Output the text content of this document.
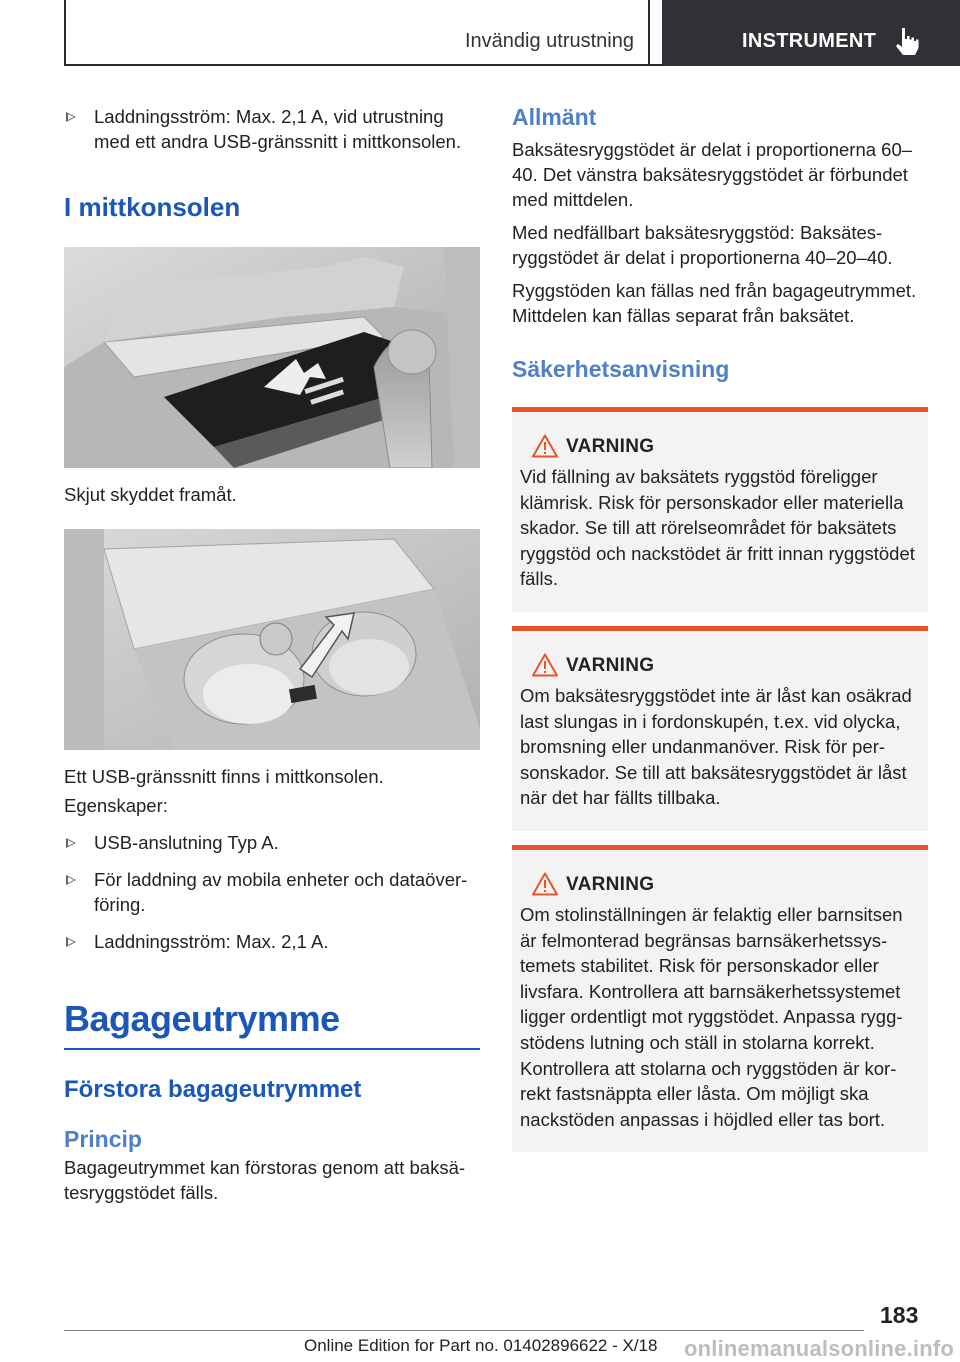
Invändig utrustning	INSTRUMENT
Laddningsström: Max. 2,1 A, vid utrustning med ett andra USB-gränssnitt i mittkonsolen.
I mittkonsolen
Skjut skyddet framåt.
Ett USB-gränssnitt finns i mittkonsolen.
Egenskaper:
USB-anslutning Typ A.
För laddning av mobila enheter och dataöverföring.
Laddningsström: Max. 2,1 A.
Bagageutrymme
Förstora bagageutrymmet
Princip
Bagageutrymmet kan förstoras genom att baksätesryggstödet fälls.
Allmänt
Baksätesryggstödet är delat i proportionerna 60–40. Det vänstra baksätesryggstödet är förbundet med mittdelen.
Med nedfällbart baksätesryggstöd: Baksätesryggstödet är delat i proportionerna 40–20–40.
Ryggstöden kan fällas ned från bagageutrymmet. Mittdelen kan fällas separat från baksätet.
Säkerhetsanvisning
VARNING
Vid fällning av baksätets ryggstöd föreligger klämrisk. Risk för personskador eller materiella skador. Se till att rörelseområdet för baksätets ryggstöd och nackstödet är fritt innan ryggstödet fälls.
VARNING
Om baksätesryggstödet inte är låst kan osäkrad last slungas in i fordonskupén, t.ex. vid olycka, bromsning eller undanmanöver. Risk för personskador. Se till att baksätesryggstödet är låst när det har fällts tillbaka.
VARNING
Om stolinställningen är felaktig eller barnsitsen är felmonterad begränsas barnsäkerhetssystemets stabilitet. Risk för personskador eller livsfara. Kontrollera att barnsäkerhetssystemet ligger ordentligt mot ryggstödet. Anpassa ryggstödens lutning och ställ in stolarna korrekt. Kontrollera att stolarna och ryggstöden är korrekt fastsnäppta eller låsta. Om möjligt ska nackstöden anpassas i höjdled eller tas bort.
183
Online Edition for Part no. 01402896622 - X/18 onlinemanualsonline.info
